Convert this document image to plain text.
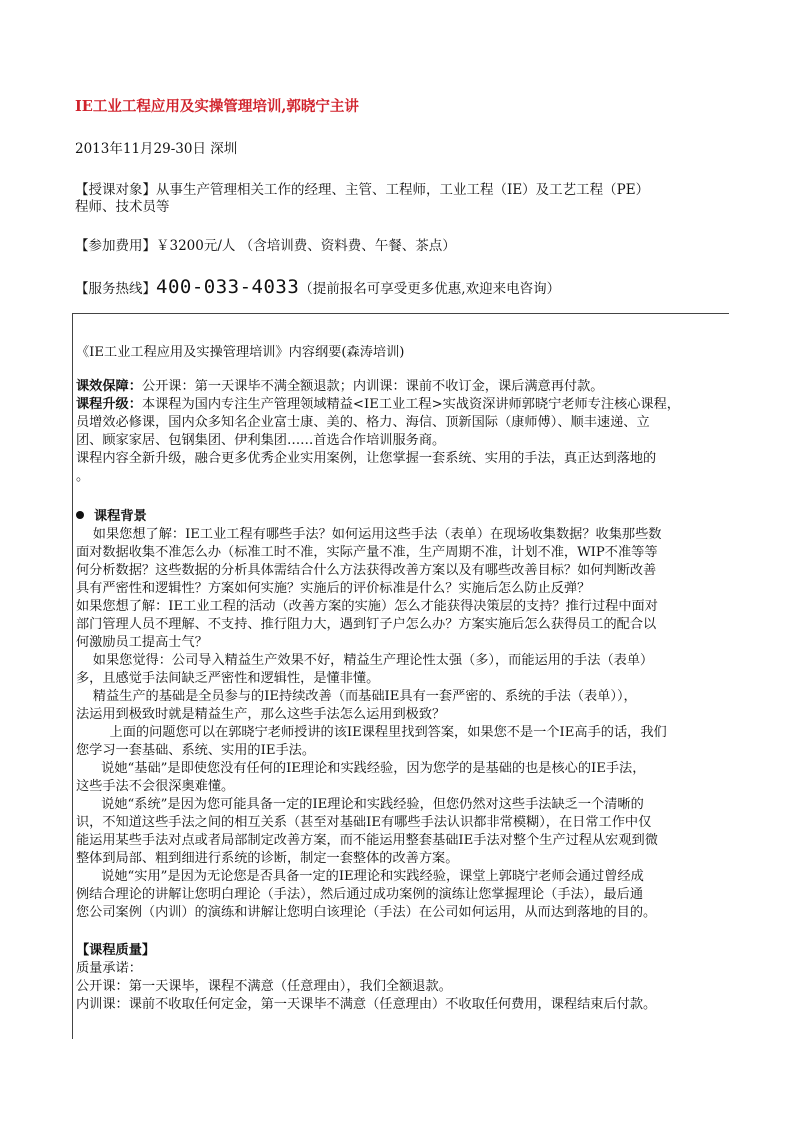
IE工业工程应用及实操管理培训,郭晓宁主讲
2013年11月29-30日 深圳
【授课对象】从事生产管理相关工作的经理、主管、工程师，工业工程（IE）及工艺工程（PE）
程师、技术员等
【参加费用】￥3200元/人 （含培训费、资料费、午餐、茶点）
【服务热线】400-033-4033（提前报名可享受更多优惠,欢迎来电咨询）
《IE工业工程应用及实操管理培训》内容纲要(森涛培训)
课效保障：公开课：第一天课毕不满全额退款；内训课：课前不收订金，课后满意再付款。
课程升级：本课程为国内专注生产管理领域精益<IE工业工程>实战资深讲师郭晓宁老师专注核心课程，
员增效必修课，国内众多知名企业富士康、美的、格力、海信、顶新国际（康师傅）、顺丰速递、立
团、顾家家居、包钢集团、伊利集团……首选合作培训服务商。
课程内容全新升级，融合更多优秀企业实用案例，让您掌握一套系统、实用的手法，真正达到落地的
。
课程背景
如果您想了解：IE工业工程有哪些手法？如何运用这些手法（表单）在现场收集数据？收集那些数
面对数据收集不准怎么办（标准工时不准，实际产量不准，生产周期不准，计划不准，WIP不准等等
何分析数据？这些数据的分析具体需结合什么方法获得改善方案以及有哪些改善目标？如何判断改善
具有严密性和逻辑性？方案如何实施？实施后的评价标准是什么？实施后怎么防止反弹？
如果您想了解：IE工业工程的活动（改善方案的实施）怎么才能获得决策层的支持？推行过程中面对
部门管理人员不理解、不支持、推行阻力大，遇到钉子户怎么办？方案实施后怎么获得员工的配合以
何激励员工提高士气？
如果您觉得：公司导入精益生产效果不好，精益生产理论性太强（多），而能运用的手法（表单）
多，且感觉手法间缺乏严密性和逻辑性，是懂非懂。
精益生产的基础是全员参与的IE持续改善（而基础IE具有一套严密的、系统的手法（表单）），
法运用到极致时就是精益生产，那么这些手法怎么运用到极致？
上面的问题您可以在郭晓宁老师授讲的该IE课程里找到答案，如果您不是一个IE高手的话，我们
您学习一套基础、系统、实用的IE手法。
说她“基础”是即使您没有任何的IE理论和实践经验，因为您学的是基础的也是核心的IE手法，
这些手法不会很深奥难懂。
说她“系统”是因为您可能具备一定的IE理论和实践经验，但您仍然对这些手法缺乏一个清晰的
识，不知道这些手法之间的相互关系（甚至对基础IE有哪些手法认识都非常模糊），在日常工作中仅
能运用某些手法对点或者局部制定改善方案，而不能运用整套基础IE手法对整个生产过程从宏观到微
整体到局部、粗到细进行系统的诊断，制定一套整体的改善方案。
说她“实用”是因为无论您是否具备一定的IE理论和实践经验，课堂上郭晓宁老师会通过曾经成
例结合理论的讲解让您明白理论（手法），然后通过成功案例的演练让您掌握理论（手法），最后通
您公司案例（内训）的演练和讲解让您明白该理论（手法）在公司如何运用，从而达到落地的目的。
【课程质量】
质量承诺：
公开课：第一天课毕，课程不满意（任意理由），我们全额退款。
内训课：课前不收取任何定金，第一天课毕不满意（任意理由）不收取任何费用，课程结束后付款。
